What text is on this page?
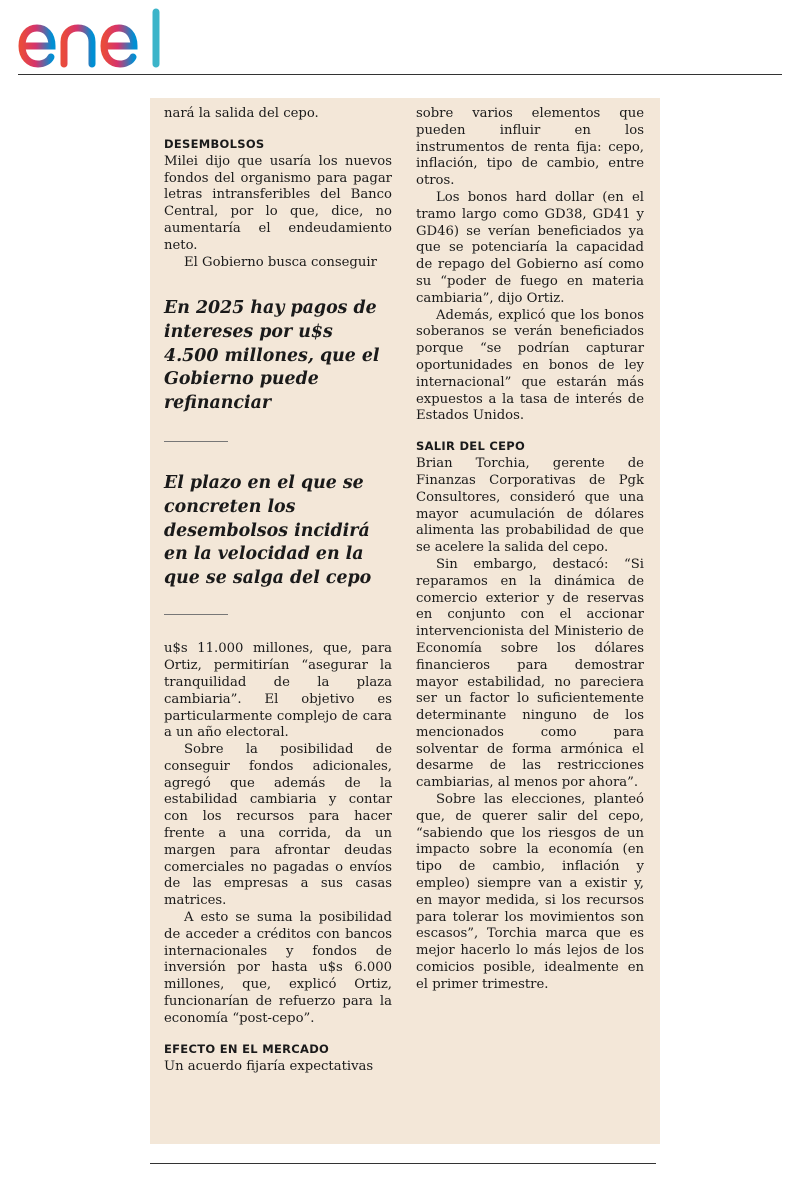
nará la salida del cepo.

DESEMBOLSOS

Milei dijo que usaría los nuevos fondos del organismo para pagar letras intransferibles del Banco Central, por lo que, dice, no aumentaría el endeudamiento neto.

El Gobierno busca conseguir

En 2025 hay pagos de intereses por u$s 4.500 millones, que el Gobierno puede refinanciar

El plazo en el que se concreten los desembolsos incidirá en la velocidad en la que se salga del cepo

u$s 11.000 millones, que, para Ortiz, permitirían “asegurar la tranquilidad de la plaza cambiaria”. El objetivo es particularmente complejo de cara a un año electoral.

Sobre la posibilidad de conseguir fondos adicionales, agregó que además de la estabilidad cambiaria y contar con los recursos para hacer frente a una corrida, da un margen para afrontar deudas comerciales no pagadas o envíos de las empresas a sus casas matrices.

A esto se suma la posibilidad de acceder a créditos con bancos internacionales y fondos de inversión por hasta u$s 6.000 millones, que, explicó Ortiz, funcionarían de refuerzo para la economía “post-cepo”.

EFECTO EN EL MERCADO

Un acuerdo fijaría expectativas

sobre varios elementos que pueden influir en los instrumentos de renta fija: cepo, inflación, tipo de cambio, entre otros.

Los bonos hard dollar (en el tramo largo como GD38, GD41 y GD46) se verían beneficiados ya que se potenciaría la capacidad de repago del Gobierno así como su “poder de fuego en materia cambiaria”, dijo Ortiz.

Además, explicó que los bonos soberanos se verán beneficiados porque “se podrían capturar oportunidades en bonos de ley internacional” que estarán más expuestos a la tasa de interés de Estados Unidos.

SALIR DEL CEPO

Brian Torchia, gerente de Finanzas Corporativas de Pgk Consultores, consideró que una mayor acumulación de dólares alimenta las probabilidad de que se acelere la salida del cepo.

Sin embargo, destacó: “Si reparamos en la dinámica de comercio exterior y de reservas en conjunto con el accionar intervencionista del Ministerio de Economía sobre los dólares financieros para demostrar mayor estabilidad, no pareciera ser un factor lo suficientemente determinante ninguno de los mencionados como para solventar de forma armónica el desarme de las restricciones cambiarias, al menos por ahora”.

Sobre las elecciones, planteó que, de querer salir del cepo, “sabiendo que los riesgos de un impacto sobre la economía (en tipo de cambio, inflación y empleo) siempre van a existir y, en mayor medida, si los recursos para tolerar los movimientos son escasos”, Torchia marca que es mejor hacerlo lo más lejos de los comicios posible, idealmente en el primer trimestre.
